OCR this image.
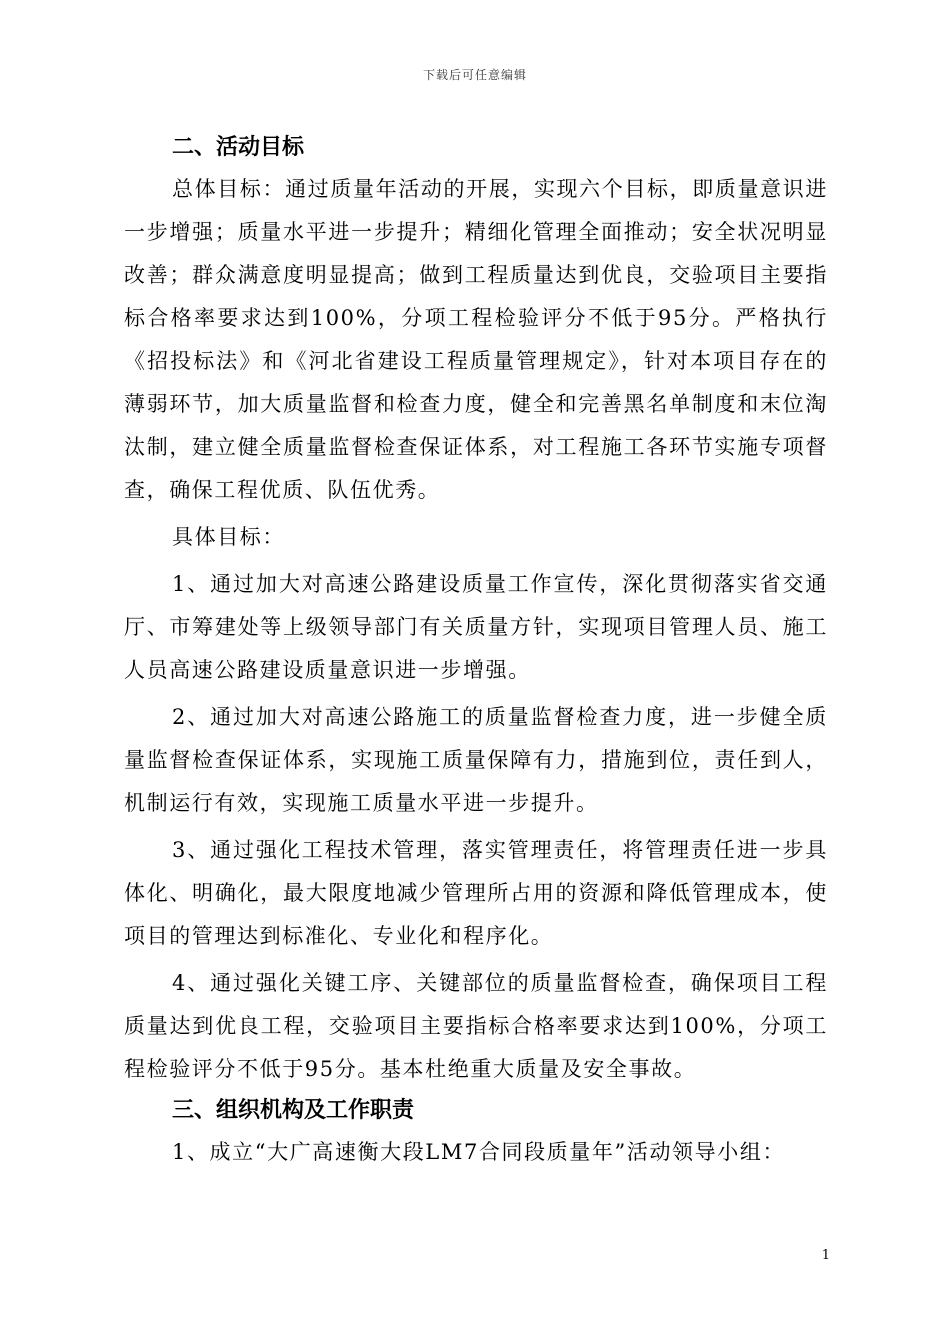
下载后可任意编辑
二、活动目标

总体目标：通过质量年活动的开展，实现六个目标，即质量意识进一步增强；质量水平进一步提升；精细化管理全面推动；安全状况明显改善；群众满意度明显提高；做到工程质量达到优良，交验项目主要指标合格率要求达到100%，分项工程检验评分不低于95分。严格执行《招投标法》和《河北省建设工程质量管理规定》，针对本项目存在的薄弱环节，加大质量监督和检查力度，健全和完善黑名单制度和末位淘汰制，建立健全质量监督检查保证体系，对工程施工各环节实施专项督查，确保工程优质、队伍优秀。

具体目标：

1、通过加大对高速公路建设质量工作宣传，深化贯彻落实省交通厅、市筹建处等上级领导部门有关质量方针，实现项目管理人员、施工人员高速公路建设质量意识进一步增强。

2、通过加大对高速公路施工的质量监督检查力度，进一步健全质量监督检查保证体系，实现施工质量保障有力，措施到位，责任到人，机制运行有效，实现施工质量水平进一步提升。

3、通过强化工程技术管理，落实管理责任，将管理责任进一步具体化、明确化，最大限度地减少管理所占用的资源和降低管理成本，使项目的管理达到标准化、专业化和程序化。

4、通过强化关键工序、关键部位的质量监督检查，确保项目工程质量达到优良工程，交验项目主要指标合格率要求达到100%，分项工程检验评分不低于95分。基本杜绝重大质量及安全事故。

三、组织机构及工作职责

1、成立“大广高速衡大段LM7合同段质量年”活动领导小组：

1
